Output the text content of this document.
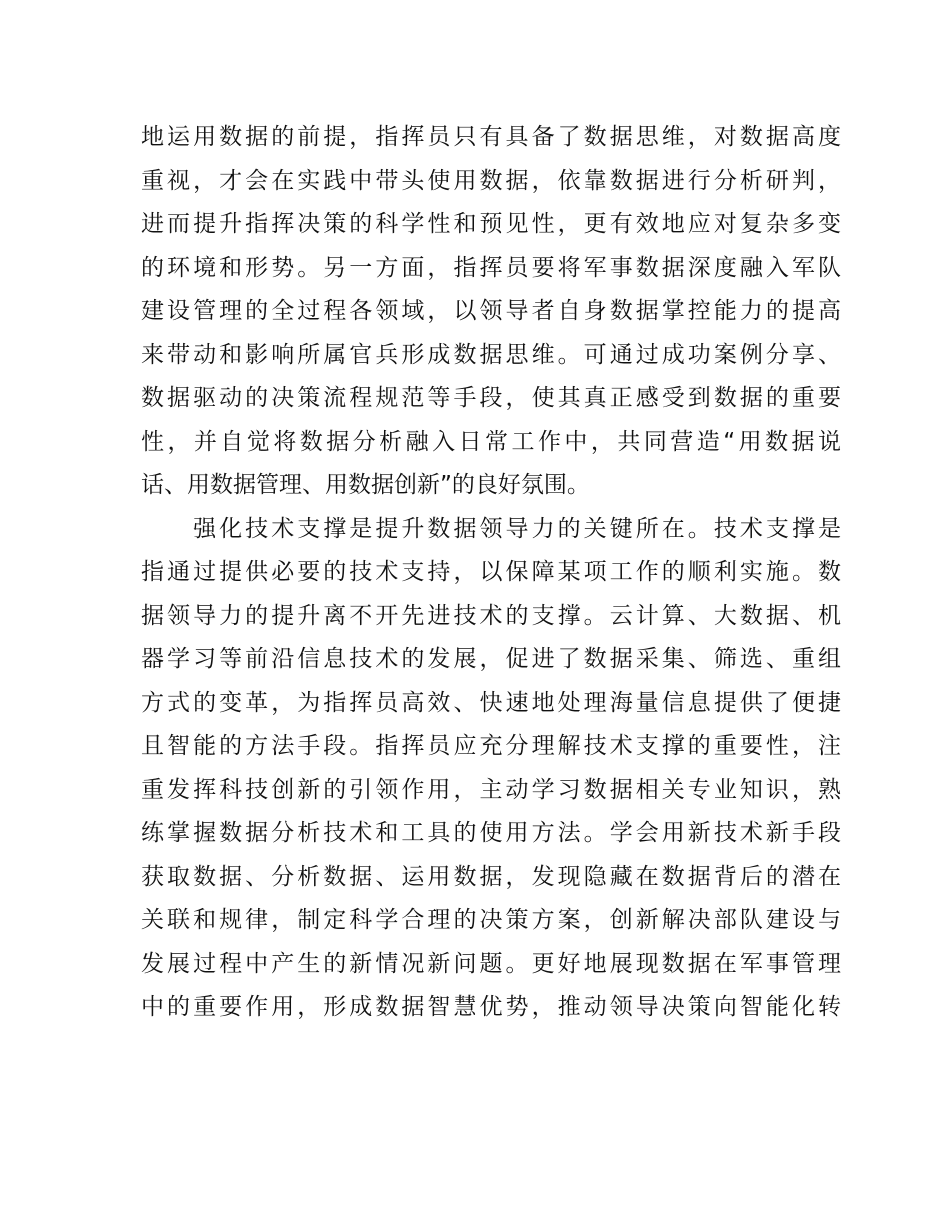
地运用数据的前提，指挥员只有具备了数据思维，对数据高度
重视，才会在实践中带头使用数据，依靠数据进行分析研判，
进而提升指挥决策的科学性和预见性，更有效地应对复杂多变
的环境和形势。另一方面，指挥员要将军事数据深度融入军队
建设管理的全过程各领域，以领导者自身数据掌控能力的提高
来带动和影响所属官兵形成数据思维。可通过成功案例分享、
数据驱动的决策流程规范等手段，使其真正感受到数据的重要
性，并自觉将数据分析融入日常工作中，共同营造“用数据说
话、用数据管理、用数据创新”的良好氛围。
　　强化技术支撑是提升数据领导力的关键所在。技术支撑是
指通过提供必要的技术支持，以保障某项工作的顺利实施。数
据领导力的提升离不开先进技术的支撑。云计算、大数据、机
器学习等前沿信息技术的发展，促进了数据采集、筛选、重组
方式的变革，为指挥员高效、快速地处理海量信息提供了便捷
且智能的方法手段。指挥员应充分理解技术支撑的重要性，注
重发挥科技创新的引领作用，主动学习数据相关专业知识，熟
练掌握数据分析技术和工具的使用方法。学会用新技术新手段
获取数据、分析数据、运用数据，发现隐藏在数据背后的潜在
关联和规律，制定科学合理的决策方案，创新解决部队建设与
发展过程中产生的新情况新问题。更好地展现数据在军事管理
中的重要作用，形成数据智慧优势，推动领导决策向智能化转
